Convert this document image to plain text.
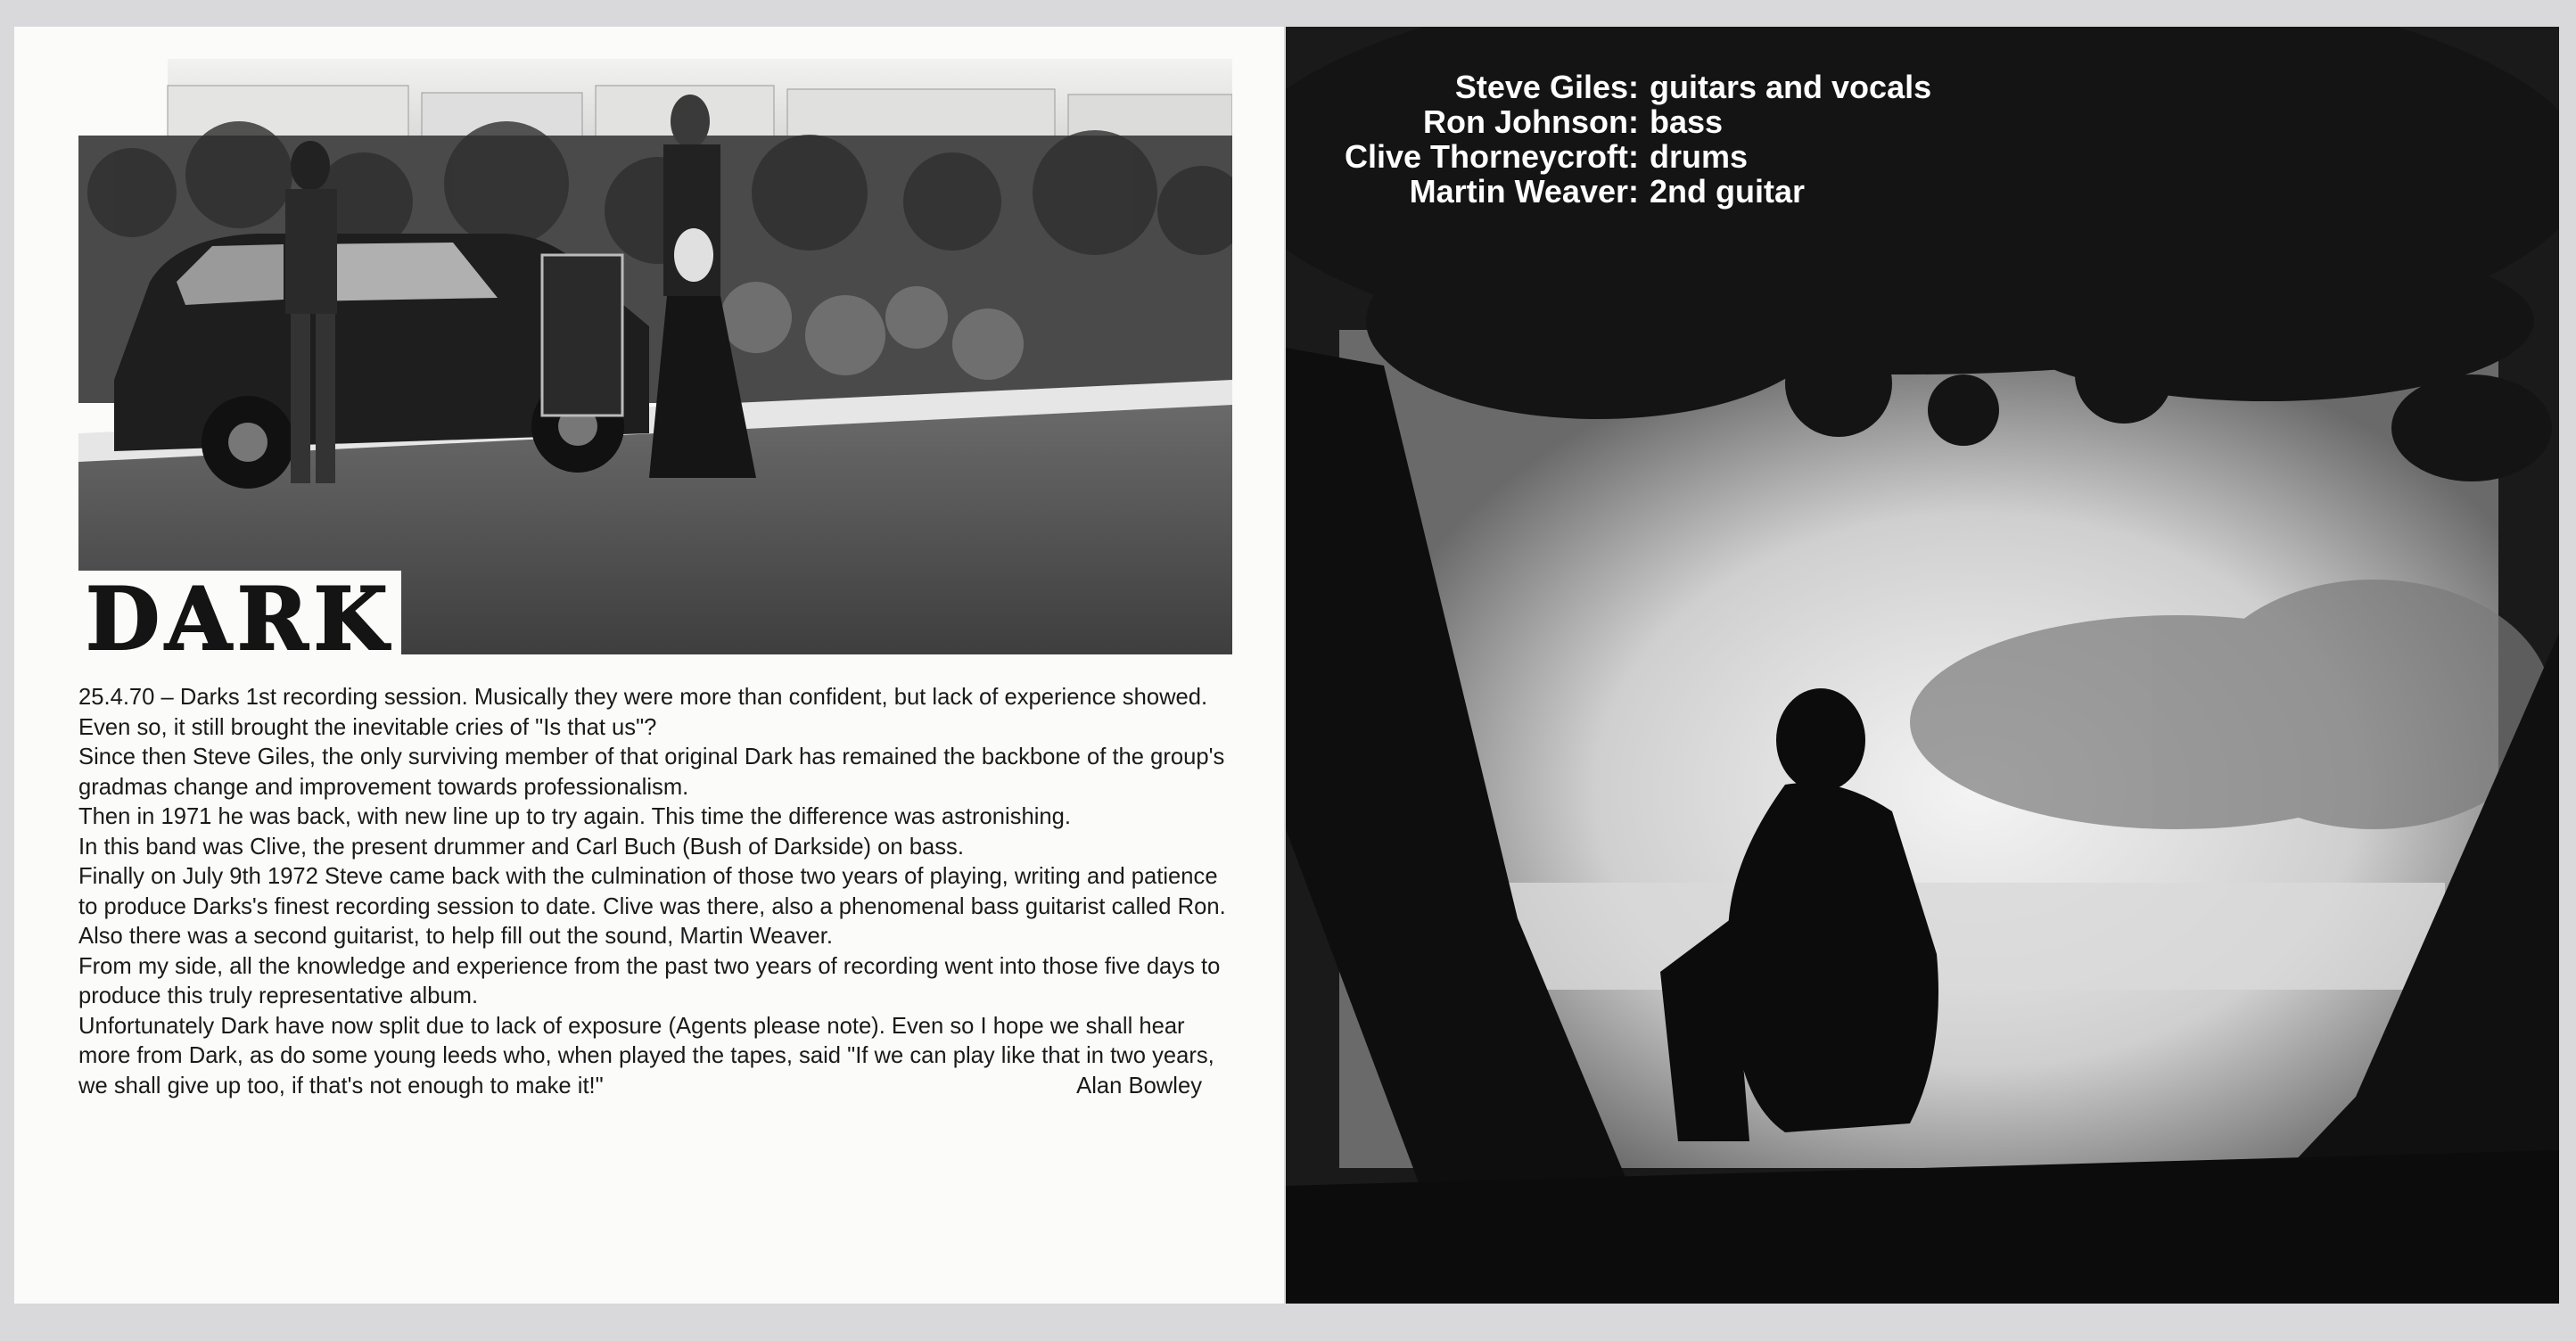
DARK

25.4.70 – Darks 1st recording session. Musically they were more than confident, but lack of experience showed. Even so, it still brought the inevitable cries of "Is that us"?

Since then Steve Giles, the only surviving member of that original Dark has remained the backbone of the group's gradmas change and improvement towards professionalism.

Then in 1971 he was back, with new line up to try again. This time the difference was astronishing.

In this band was Clive, the present drummer and Carl Buch (Bush of Darkside) on bass.

Finally on July 9th 1972 Steve came back with the culmination of those two years of playing, writing and patience to produce Darks's finest recording session to date. Clive was there, also a phenomenal bass guitarist called Ron. Also there was a second guitarist, to help fill out the sound, Martin Weaver.

From my side, all the knowledge and experience from the past two years of recording went into those five days to produce this truly representative album.

Unfortunately Dark have now split due to lack of exposure (Agents please note). Even so I hope we shall hear more from Dark, as do some young leeds who, when played the tapes, said "If we can play like that in two years, we shall give up too, if that's not enough to make it!"	Alan Bowley

Steve Giles: guitars and vocals
Ron Johnson: bass
Clive Thorneycroft: drums
Martin Weaver: 2nd guitar
